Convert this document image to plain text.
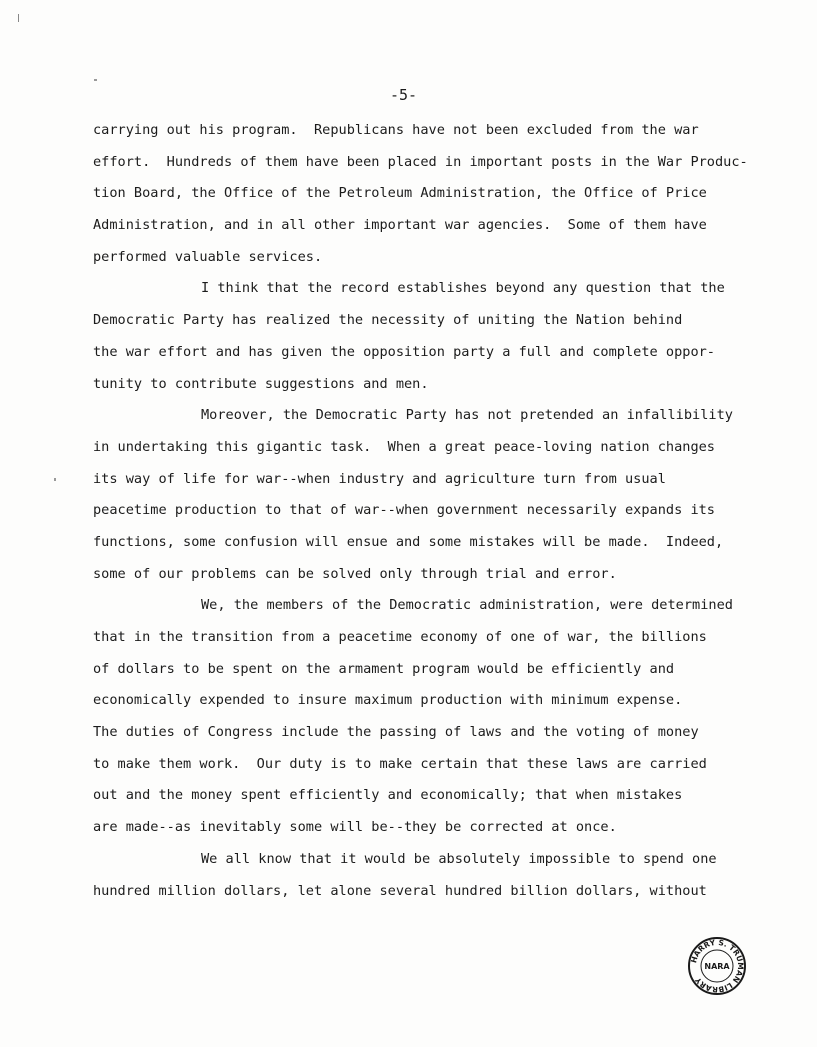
-5-
carrying out his program.  Republicans have not been excluded from the war
effort.  Hundreds of them have been placed in important posts in the War Produc-
tion Board, the Office of the Petroleum Administration, the Office of Price
Administration, and in all other important war agencies.  Some of them have
performed valuable services.
I think that the record establishes beyond any question that the
Democratic Party has realized the necessity of uniting the Nation behind
the war effort and has given the opposition party a full and complete oppor-
tunity to contribute suggestions and men.
Moreover, the Democratic Party has not pretended an infallibility
in undertaking this gigantic task.  When a great peace-loving nation changes
its way of life for war--when industry and agriculture turn from usual
peacetime production to that of war--when government necessarily expands its
functions, some confusion will ensue and some mistakes will be made.  Indeed,
some of our problems can be solved only through trial and error.
We, the members of the Democratic administration, were determined
that in the transition from a peacetime economy of one of war, the billions
of dollars to be spent on the armament program would be efficiently and
economically expended to insure maximum production with minimum expense.
The duties of Congress include the passing of laws and the voting of money
to make them work.  Our duty is to make certain that these laws are carried
out and the money spent efficiently and economically; that when mistakes
are made--as inevitably some will be--they be corrected at once.
We all know that it would be absolutely impossible to spend one
hundred million dollars, let alone several hundred billion dollars, without
HARRY S. TRUMAN LIBRARY
NARA
